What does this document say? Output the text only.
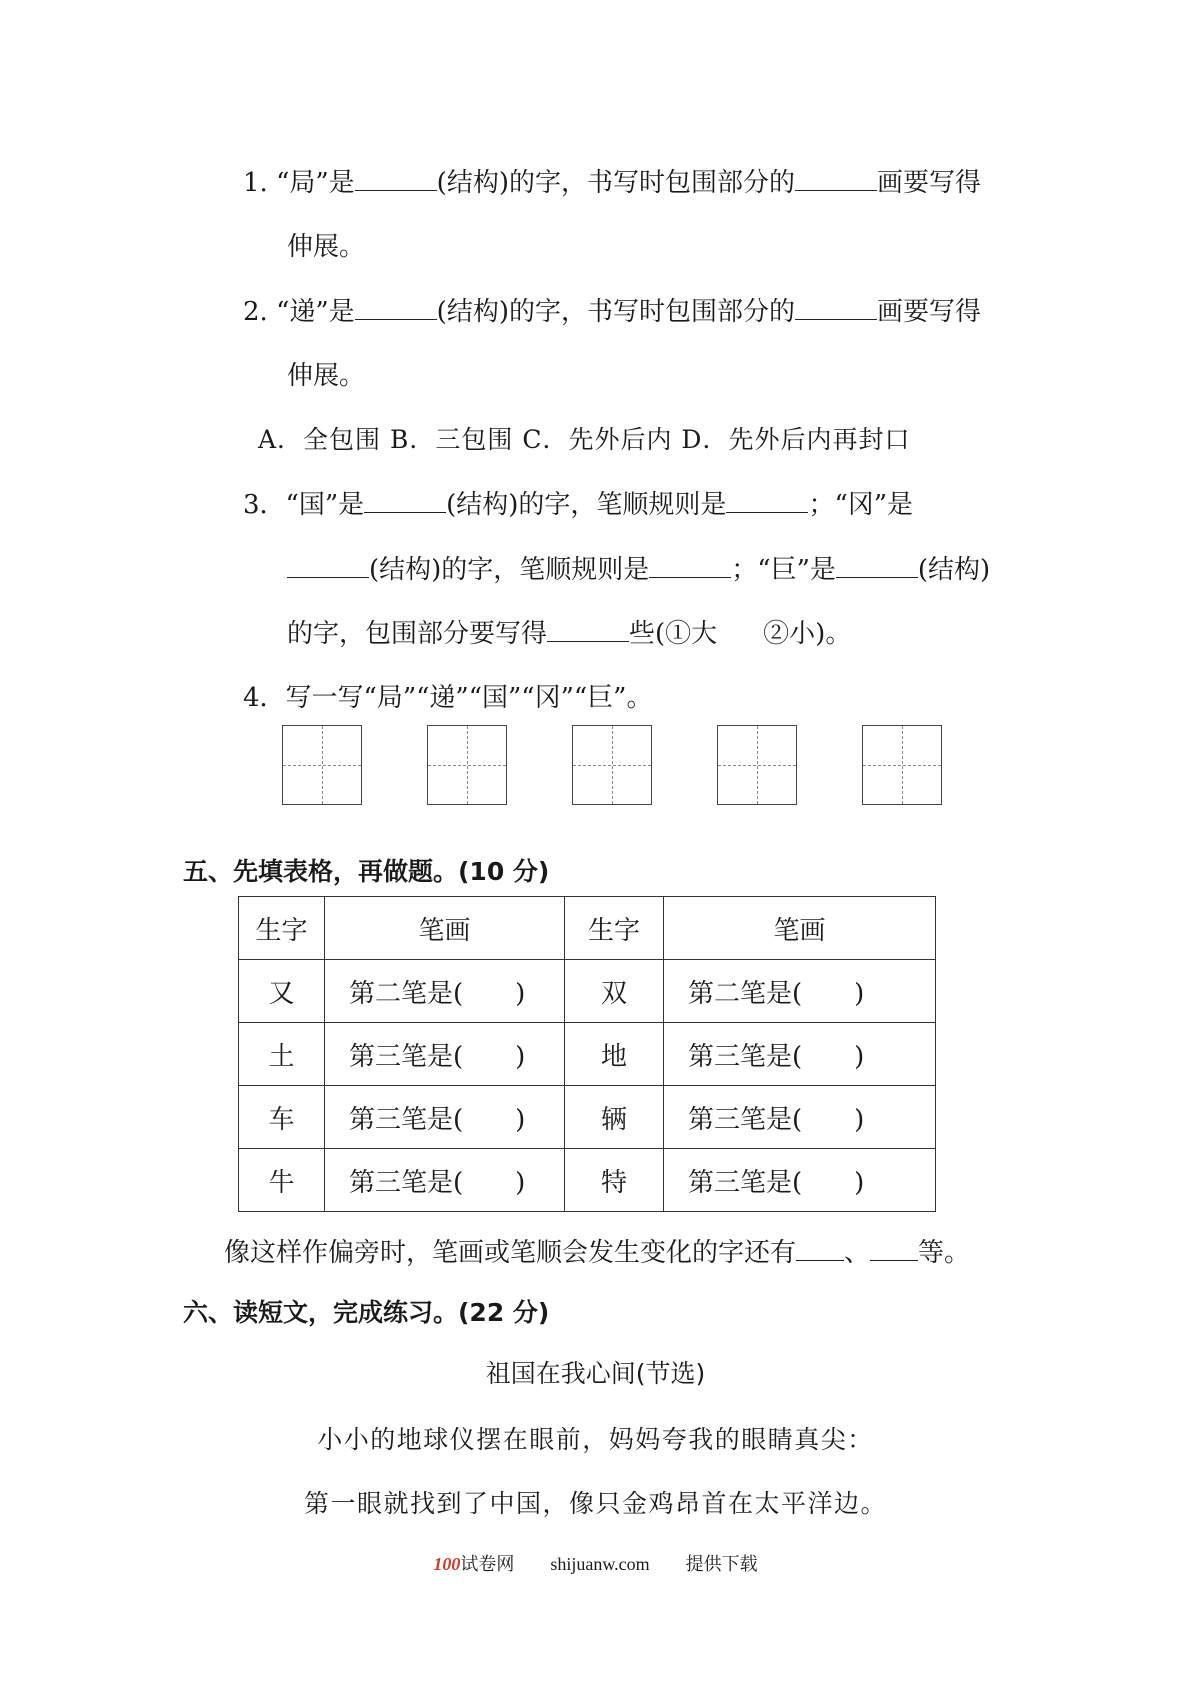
1. “局”是	(结构)的字，书写时包围部分的	画要写得
伸展。
2. “递”是	(结构)的字，书写时包围部分的	画要写得
伸展。
A．全包围 B．三包围 C．先外后内 D．先外后内再封口
3．“国”是	(结构)的字，笔顺规则是	；“冈”是
(结构)的字，笔顺规则是	；“巨”是	(结构)
的字，包围部分要写得	些(①大 ②小)。
4．写一写“局”“递”“国”“冈”“巨”。
五、先填表格，再做题。(10 分)
生字	笔画	生字	笔画
又	第二笔是( )	双	第二笔是( )
土	第三笔是( )	地	第三笔是( )
车	第三笔是( )	辆	第三笔是( )
牛	第三笔是( )	特	第三笔是( )
像这样作偏旁时，笔画或笔顺会发生变化的字还有 、 等。
六、读短文，完成练习。(22 分)
祖国在我心间(节选)
小小的地球仪摆在眼前，妈妈夸我的眼睛真尖：
第一眼就找到了中国，像只金鸡昂首在太平洋边。
100试卷网 shijuanw.com 提供下载
